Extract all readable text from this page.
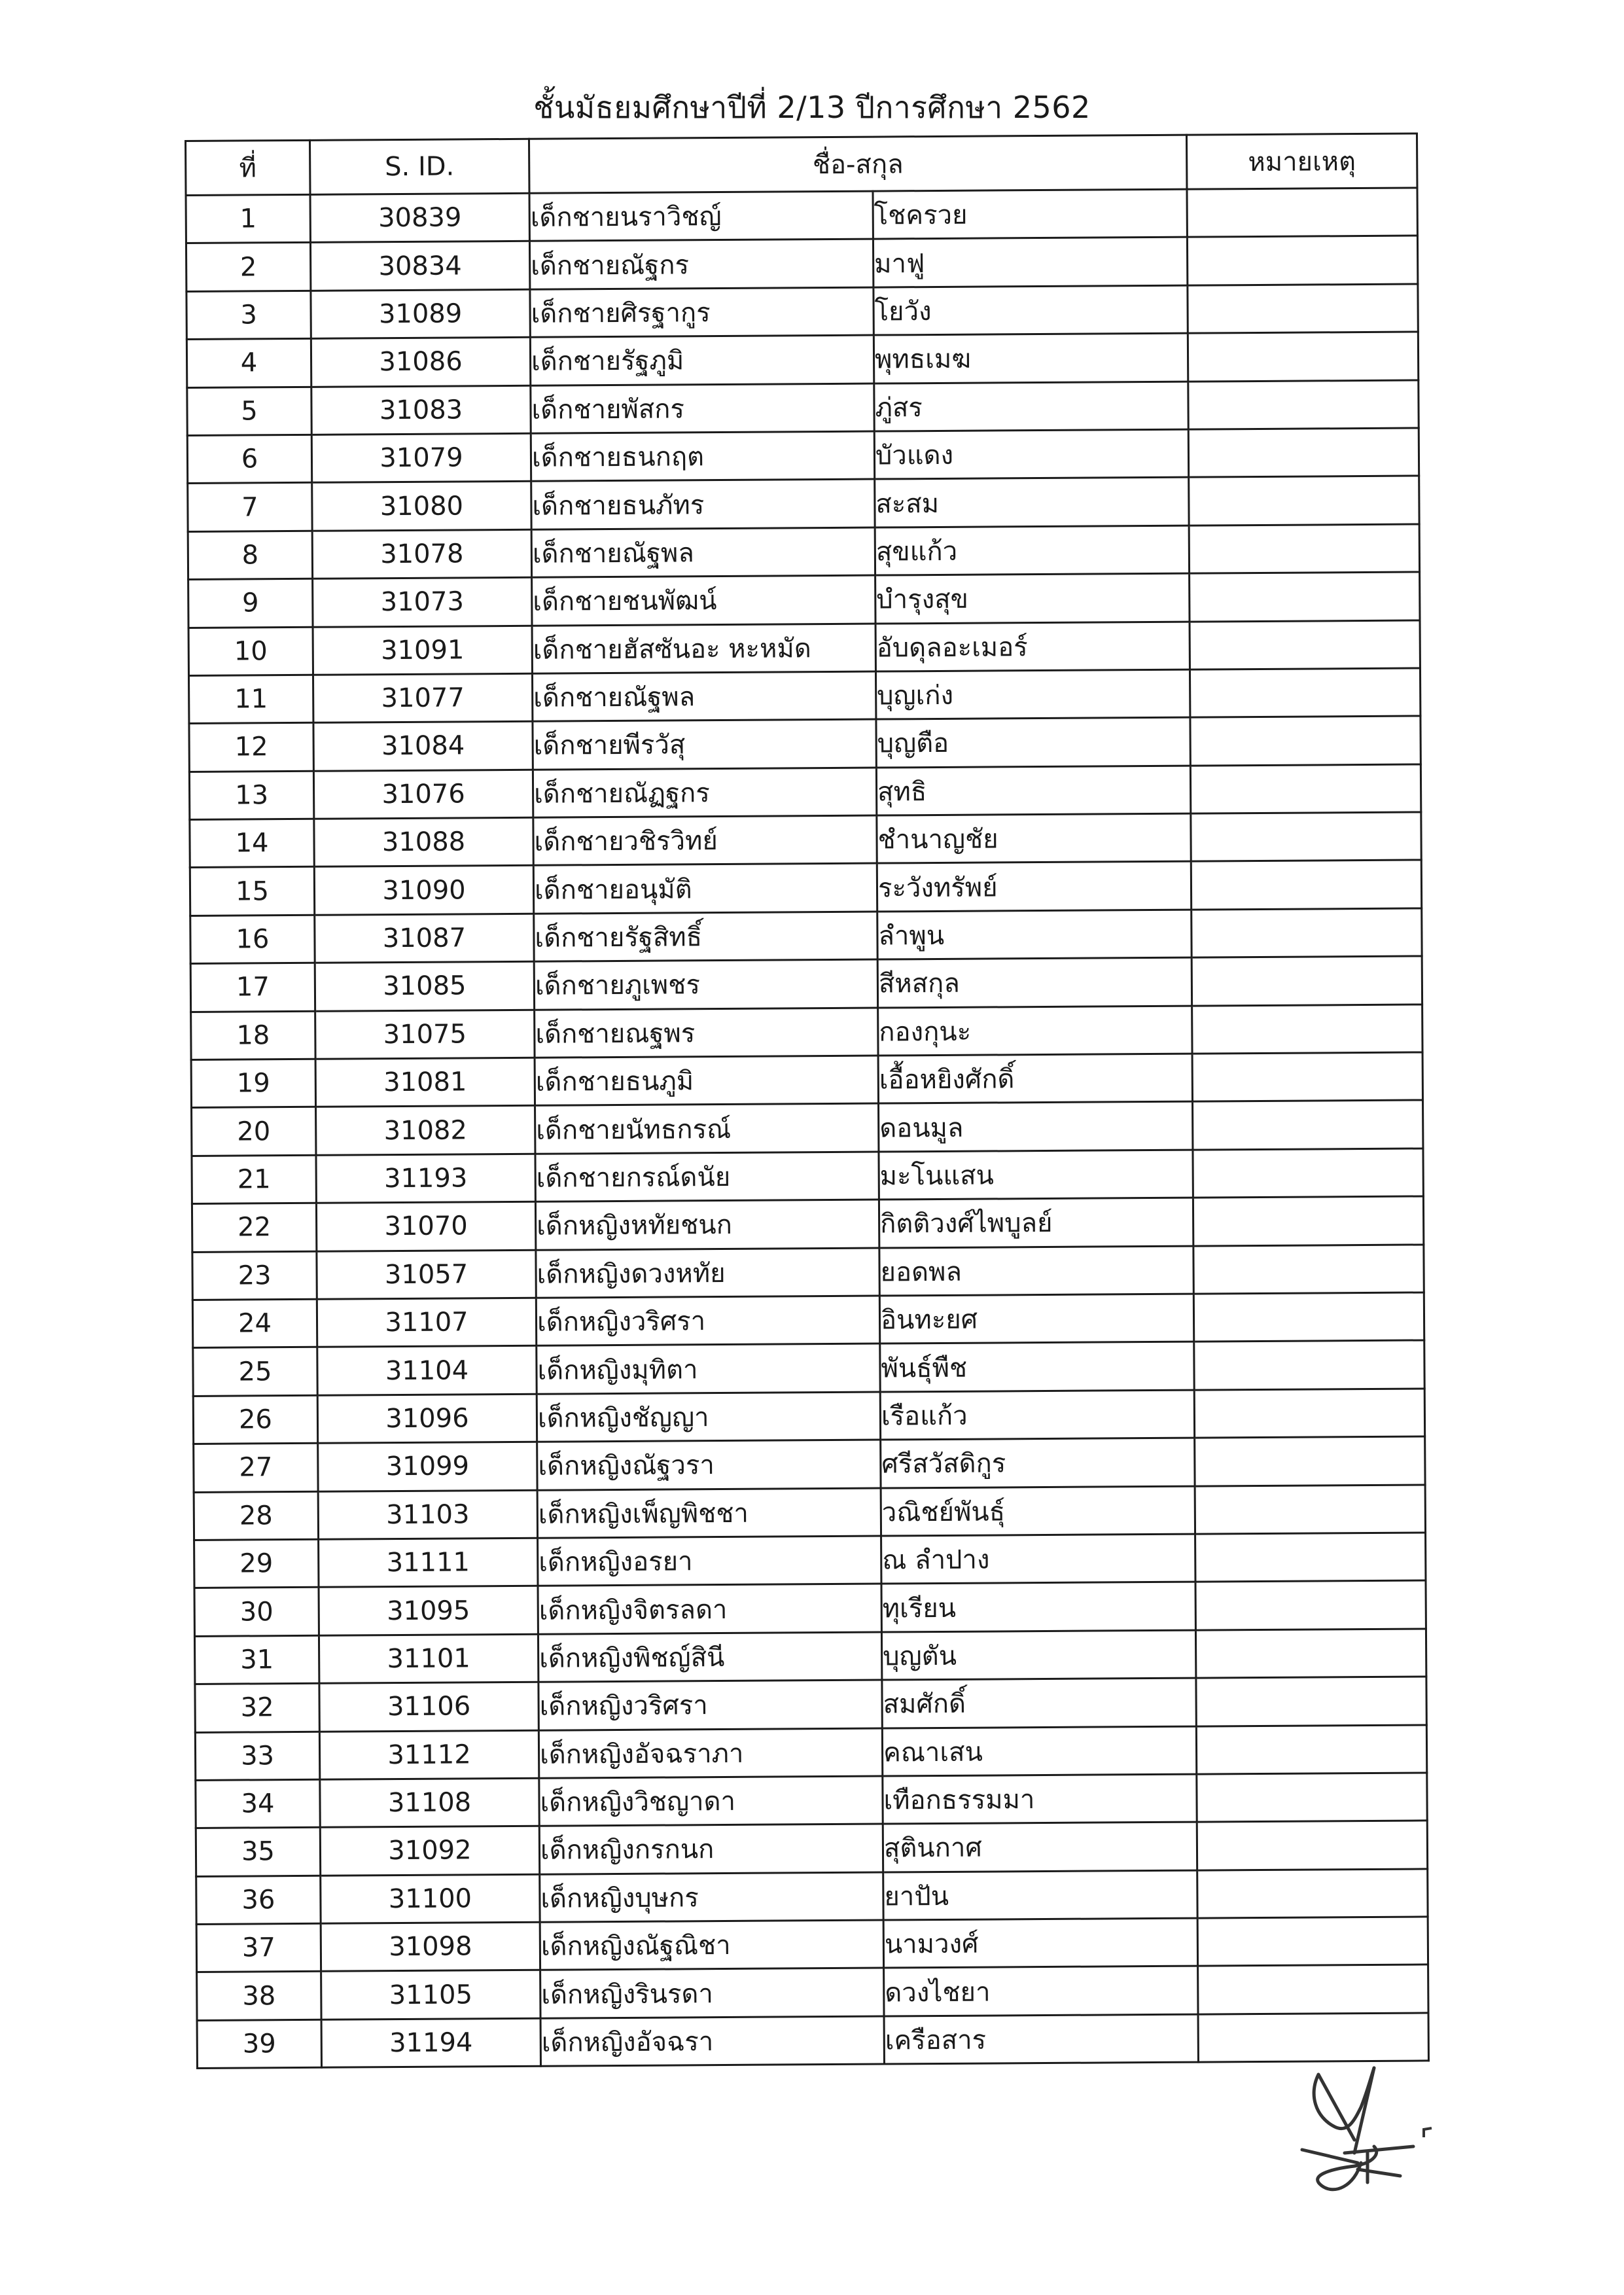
ชั้นมัธยมศึกษาปีที่ 2/13 ปีการศึกษา 2562
ที่	S. ID.	ชื่อ-สกุล		หมายเหตุ
1	30839	เด็กชายนราวิชญ์	โชครวย	
2	30834	เด็กชายณัฐกร	มาฟู	
3	31089	เด็กชายศิรฐากูร	โยวัง	
4	31086	เด็กชายรัฐภูมิ	พุทธเมฆ	
5	31083	เด็กชายพัสกร	ภู่สร	
6	31079	เด็กชายธนกฤต	บัวแดง	
7	31080	เด็กชายธนภัทร	สะสม	
8	31078	เด็กชายณัฐพล	สุขแก้ว	
9	31073	เด็กชายชนพัฒน์	บำรุงสุข	
10	31091	เด็กชายฮัสซันอะ หะหมัด	อับดุลอะเมอร์	
11	31077	เด็กชายณัฐพล	บุญเก่ง	
12	31084	เด็กชายพีรวัสุ	บุญตือ	
13	31076	เด็กชายณัฏฐกร	สุทธิ	
14	31088	เด็กชายวชิรวิทย์	ชำนาญชัย	
15	31090	เด็กชายอนุมัติ	ระวังทรัพย์	
16	31087	เด็กชายรัฐสิทธิ์	ลำพูน	
17	31085	เด็กชายภูเพชร	สีหสกุล	
18	31075	เด็กชายณฐพร	กองกุนะ	
19	31081	เด็กชายธนภูมิ	เอื้อหยิงศักดิ์	
20	31082	เด็กชายนัทธกรณ์	ดอนมูล	
21	31193	เด็กชายกรณ์ดนัย	มะโนแสน	
22	31070	เด็กหญิงหทัยชนก	กิตติวงศ์ไพบูลย์	
23	31057	เด็กหญิงดวงหทัย	ยอดพล	
24	31107	เด็กหญิงวริศรา	อินทะยศ	
25	31104	เด็กหญิงมุทิตา	พันธุ์พืช	
26	31096	เด็กหญิงชัญญา	เรือแก้ว	
27	31099	เด็กหญิงณัฐวรา	ศรีสวัสดิกูร	
28	31103	เด็กหญิงเพ็ญพิชชา	วณิชย์พันธุ์	
29	31111	เด็กหญิงอรยา	ณ ลำปาง	
30	31095	เด็กหญิงจิตรลดา	ทุเรียน	
31	31101	เด็กหญิงพิชญ์สินี	บุญตัน	
32	31106	เด็กหญิงวริศรา	สมศักดิ์	
33	31112	เด็กหญิงอัจฉราภา	คณาเสน	
34	31108	เด็กหญิงวิชญาดา	เทือกธรรมมา	
35	31092	เด็กหญิงกรกนก	สุตินกาศ	
36	31100	เด็กหญิงบุษกร	ยาปัน	
37	31098	เด็กหญิงณัฐณิชา	นามวงศ์	
38	31105	เด็กหญิงรินรดา	ดวงไชยา	
39	31194	เด็กหญิงอัจฉรา	เครือสาร	
